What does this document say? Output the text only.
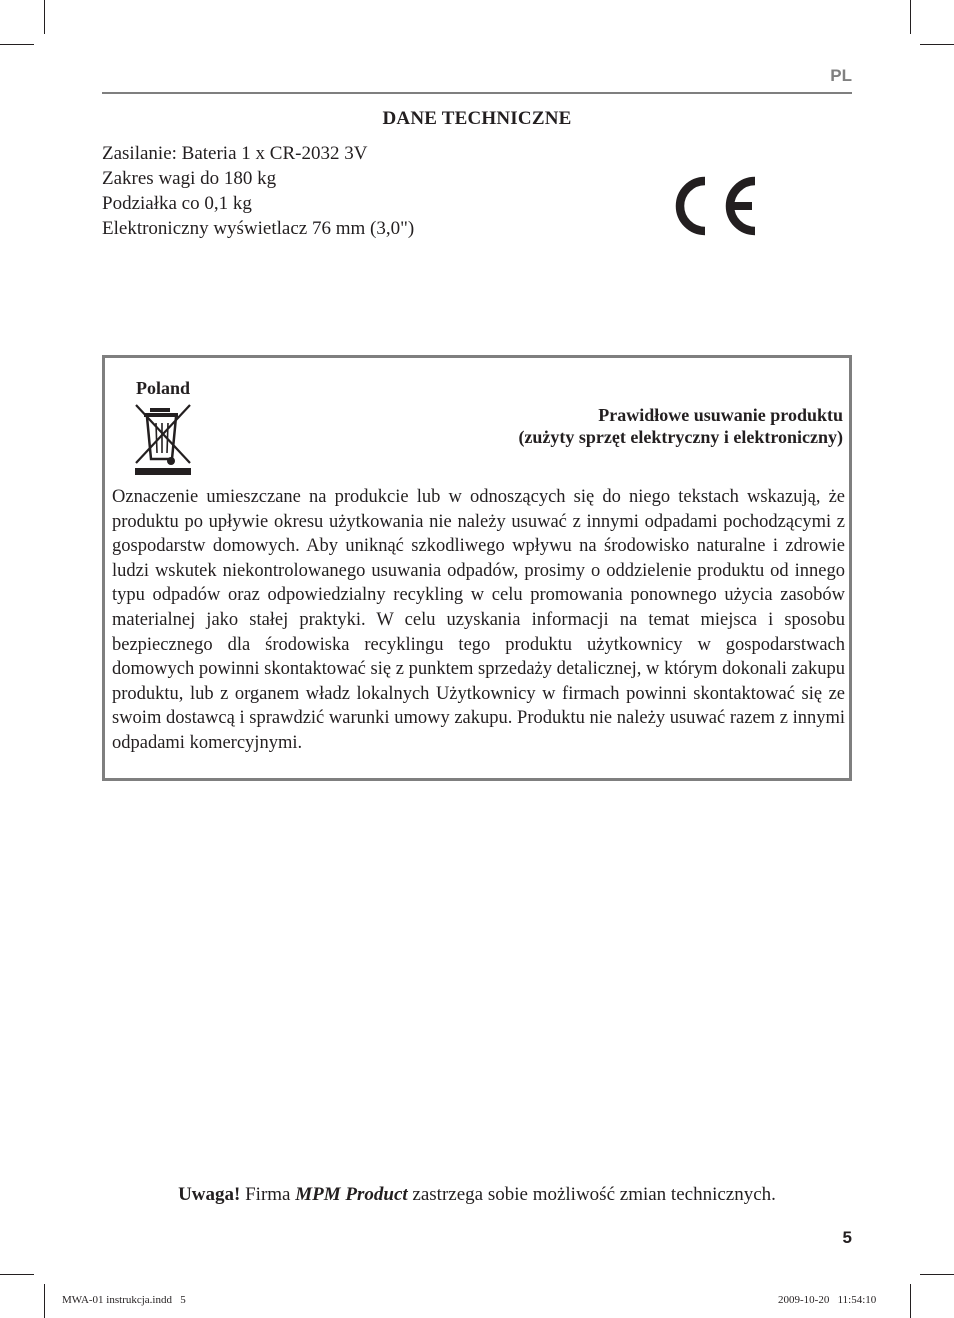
PL
DANE TECHNICZNE
Zasilanie: Bateria 1 x CR-2032 3V
Zakres wagi do 180 kg
Podziałka co 0,1 kg
Elektroniczny wyświetlacz 76 mm (3,0")
Poland
Prawidłowe usuwanie produktu
(zużyty sprzęt elektryczny i elektroniczny)
Oznaczenie umieszczane na produkcie lub w odnoszących się do niego tekstach wskazują, że produktu po upływie okresu użytkowania nie należy usuwać z innymi odpadami pochodzącymi z gospodarstw domowych. Aby uniknąć szkodliwego wpływu na środowisko naturalne i zdrowie ludzi wskutek niekontrolowanego usuwania odpadów, prosimy o oddzielenie produktu od innego typu odpadów oraz odpowiedzialny recykling w celu promowania ponownego użycia zasobów materialnej jako stałej praktyki. W celu uzyskania informacji na temat miejsca i sposobu bezpiecznego dla środowiska recyklingu tego produktu użytkownicy w gospodarstwach domowych powinni skontaktować się z punktem sprzedaży detalicznej, w którym dokonali zakupu produktu, lub z organem władz lokalnych Użytkownicy w firmach powinni skontaktować się ze swoim dostawcą i sprawdzić warunki umowy zakupu. Produktu nie należy usuwać razem z innymi odpadami komercyjnymi.
Uwaga! Firma MPM Product zastrzega sobie możliwość zmian technicznych.
5
MWA-01 instrukcja.indd   5	2009-10-20   11:54:10
